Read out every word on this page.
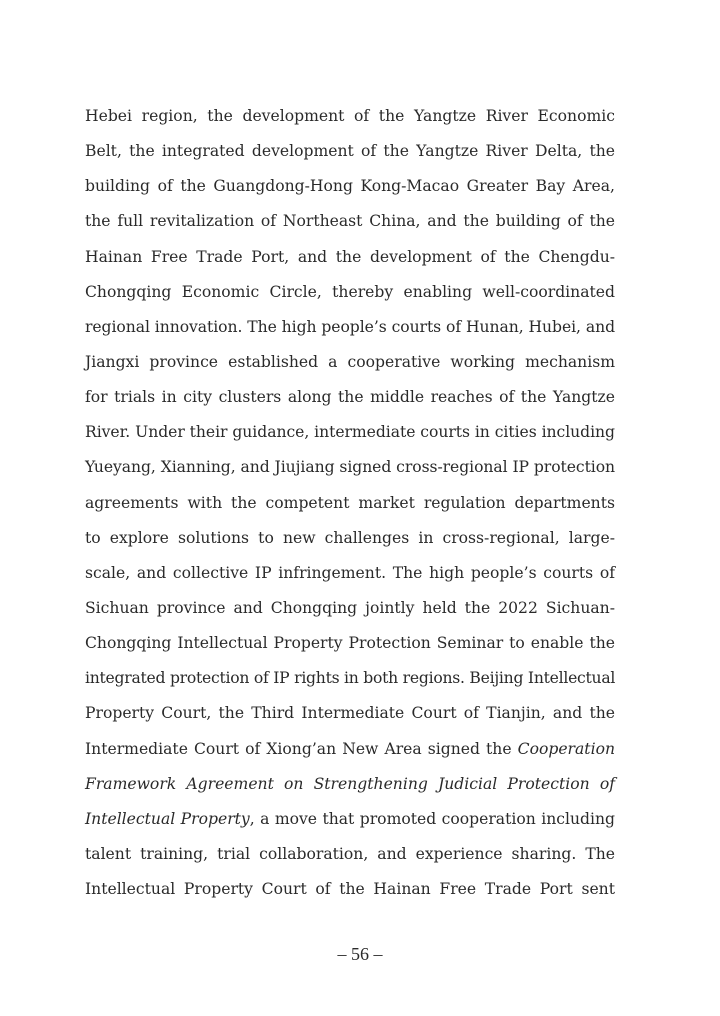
Hebei region, the development of the Yangtze River Economic
Belt, the integrated development of the Yangtze River Delta, the
building of the Guangdong-Hong Kong-Macao Greater Bay Area,
the full revitalization of Northeast China, and the building of the
Hainan Free Trade Port, and the development of the Chengdu-
Chongqing Economic Circle, thereby enabling well-coordinated
regional innovation. The high people’s courts of Hunan, Hubei, and
Jiangxi province established a cooperative working mechanism
for trials in city clusters along the middle reaches of the Yangtze
River. Under their guidance, intermediate courts in cities including
Yueyang, Xianning, and Jiujiang signed cross-regional IP protection
agreements with the competent market regulation departments
to explore solutions to new challenges in cross-regional, large-
scale, and collective IP infringement. The high people’s courts of
Sichuan province and Chongqing jointly held the 2022 Sichuan-
Chongqing Intellectual Property Protection Seminar to enable the
integrated protection of IP rights in both regions. Beijing Intellectual
Property Court, the Third Intermediate Court of Tianjin, and the
Intermediate Court of Xiong’an New Area signed the Cooperation
Framework Agreement on Strengthening Judicial Protection of
Intellectual Property, a move that promoted cooperation including
talent training, trial collaboration, and experience sharing. The
Intellectual Property Court of the Hainan Free Trade Port sent
– 56 –
